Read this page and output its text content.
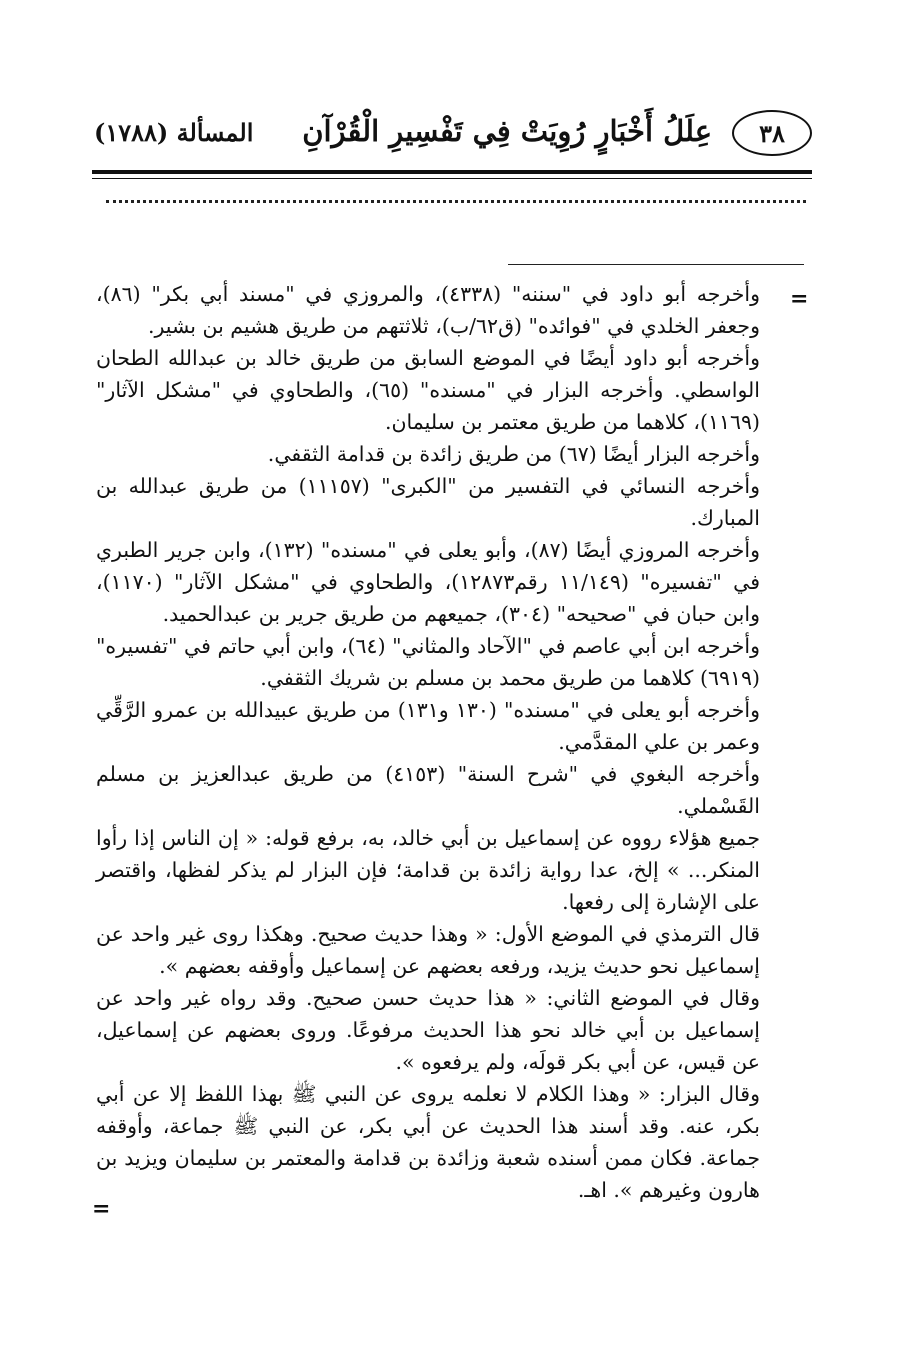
٣٨
عِلَلُ أَخْبَارٍ رُوِيَتْ فِي تَفْسِيرِ الْقُرْآنِ
المسألة (١٧٨٨)
=

وأخرجه أبو داود في "سننه" (٤٣٣٨)، والمروزي في "مسند أبي بكر" (٨٦)، وجعفر الخلدي في "فوائده" (ق٦٢/ب)، ثلاثتهم من طريق هشيم بن بشير.

وأخرجه أبو داود أيضًا في الموضع السابق من طريق خالد بن عبدالله الطحان الواسطي. وأخرجه البزار في "مسنده" (٦٥)، والطحاوي في "مشكل الآثار" (١١٦٩)، كلاهما من طريق معتمر بن سليمان.

وأخرجه البزار أيضًا (٦٧) من طريق زائدة بن قدامة الثقفي.

وأخرجه النسائي في التفسير من "الكبرى" (١١١٥٧) من طريق عبدالله بن المبارك.

وأخرجه المروزي أيضًا (٨٧)، وأبو يعلى في "مسنده" (١٣٢)، وابن جرير الطبري في "تفسيره" (١١/١٤٩ رقم١٢٨٧٣)، والطحاوي في "مشكل الآثار" (١١٧٠)، وابن حبان في "صحيحه" (٣٠٤)، جميعهم من طريق جرير بن عبدالحميد.

وأخرجه ابن أبي عاصم في "الآحاد والمثاني" (٦٤)، وابن أبي حاتم في "تفسيره" (٦٩١٩) كلاهما من طريق محمد بن مسلم بن شريك الثقفي.

وأخرجه أبو يعلى في "مسنده" (١٣٠ و١٣١) من طريق عبيدالله بن عمرو الرَّقِّي وعمر بن علي المقدَّمي.

وأخرجه البغوي في "شرح السنة" (٤١٥٣) من طريق عبدالعزيز بن مسلم القَسْملي.

جميع هؤلاء رووه عن إسماعيل بن أبي خالد، به، برفع قوله: « إن الناس إذا رأوا المنكر... » إلخ، عدا رواية زائدة بن قدامة؛ فإن البزار لم يذكر لفظها، واقتصر على الإشارة إلى رفعها.

قال الترمذي في الموضع الأول: « وهذا حديث صحيح. وهكذا روى غير واحد عن إسماعيل نحو حديث يزيد، ورفعه بعضهم عن إسماعيل وأوقفه بعضهم ».

وقال في الموضع الثاني: « هذا حديث حسن صحيح. وقد رواه غير واحد عن إسماعيل بن أبي خالد نحو هذا الحديث مرفوعًا. وروى بعضهم عن إسماعيل، عن قيس، عن أبي بكر قولَه، ولم يرفعوه ».

وقال البزار: « وهذا الكلام لا نعلمه يروى عن النبي ﷺ بهذا اللفظ إلا عن أبي بكر، عنه. وقد أسند هذا الحديث عن أبي بكر، عن النبي ﷺ جماعة، وأوقفه جماعة. فكان ممن أسنده شعبة وزائدة بن قدامة والمعتمر بن سليمان ويزيد بن هارون وغيرهم ». اهـ.

=
